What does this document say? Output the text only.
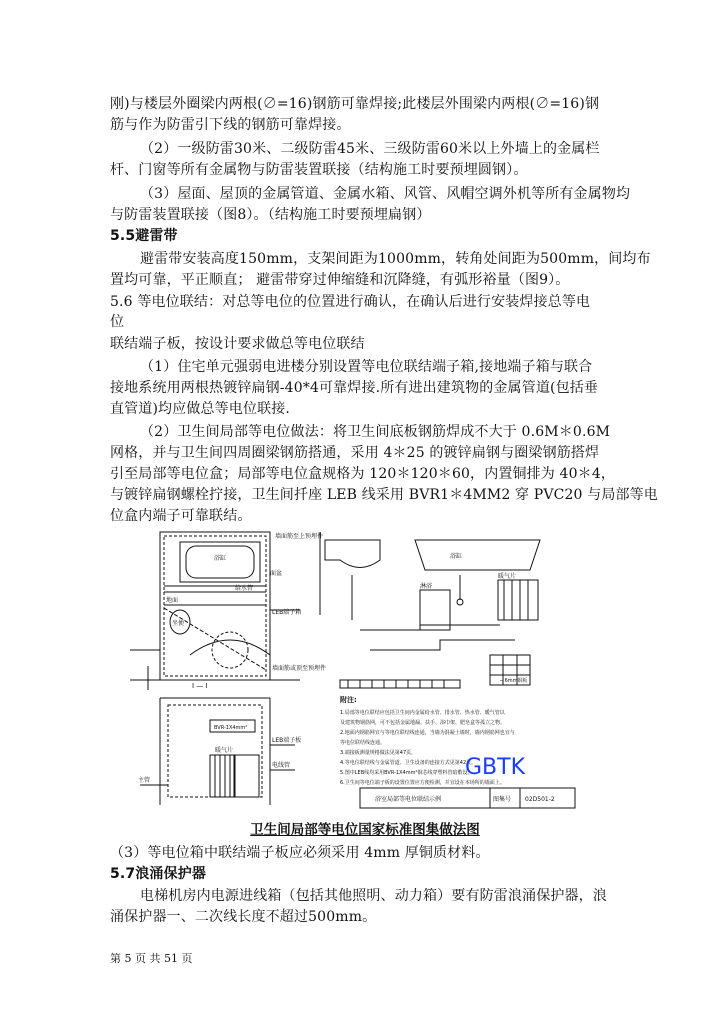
刚)与楼层外圈梁内两根(∅=16)钢筋可靠焊接;此楼层外围梁内两根(∅=16)钢
筋与作为防雷引下线的钢筋可靠焊接。
（2）一级防雷30米、二级防雷45米、三级防雷60米以上外墙上的金属栏
杆、门窗等所有金属物与防雷装置联接（结构施工时要预埋圆钢）。
（3）屋面、屋顶的金属管道、金属水箱、风管、风帽空调外机等所有金属物均
与防雷装置联接（图8）。（结构施工时要预埋扁钢）
5.5避雷带
避雷带安装高度150mm，支架间距为1000mm，转角处间距为500mm，间均布
置均可靠，平正顺直； 避雷带穿过伸缩缝和沉降缝，有弧形裕量（图9）。
5.6 等电位联结：对总等电位的位置进行确认，在确认后进行安装焊接总等电
位
联结端子板，按设计要求做总等电位联结
（1）住宅单元强弱电进楼分别设置等电位联结端子箱,接地端子箱与联合
接地系统用两根热镀锌扁钢-40*4可靠焊接.所有进出建筑物的金属管道(包括垂
直管道)均应做总等电位联接.
（2）卫生间局部等电位做法：将卫生间底板钢筋焊成不大于 0.6M＊0.6M
网格，并与卫生间四周圈梁钢筋搭通，采用 4＊25 的镀锌扁钢与圈梁钢筋搭焊
引至局部等电位盒；局部等电位盒规格为 120＊120＊60，内置铜排为 40＊4，
与镀锌扁钢螺栓拧接，卫生间扦座 LEB 线采用 BVR1＊4MM2 穿 PVC20 与局部等电
位盒内端子可靠联结。
墙面筋至上预埋件
浴缸
面盆
坐便
给水管
地面
LEB端子箱
墙面筋或顶至预埋件
I — I
BVR-1X4mm²
主管
LEB端子板
电线管
暖气片
浴缸
淋浴
暖气片
─ 6mm铜板
附注:
1.局部等电位联结应包括卫生间内金属给水管、排水管、热水管、暖气管以
及建筑物钢筋网，可不包括金属地漏、扶手、浴巾架、肥皂盒等孤立之物。
2.地面内钢筋网宜与等电位联结线连通，当墙为混凝土墙时，墙内钢筋网也宜与
等电位联结线连通。
3.端接板测量规格做法见第47页。
4.等电位联结线与金属管道、卫生设备的连接方式见第42页。
5.图中LEB线均采用BVR-1X4mm²铜芯线穿塑料管暗敷设。
6.卫生间等电位端子板的设置位置应方便检测，并宜设在本场所的墙面上。
浴室局部等电位联结示例	图集号 02D501-2
GBTK
卫生间局部等电位国家标准图集做法图
（3）等电位箱中联结端子板应必须采用 4mm 厚铜质材料。
5.7浪涌保护器
电梯机房内电源进线箱（包括其他照明、动力箱）要有防雷浪涌保护器，浪
涌保护器一、二次线长度不超过500mm。
第 5 页 共 51 页
